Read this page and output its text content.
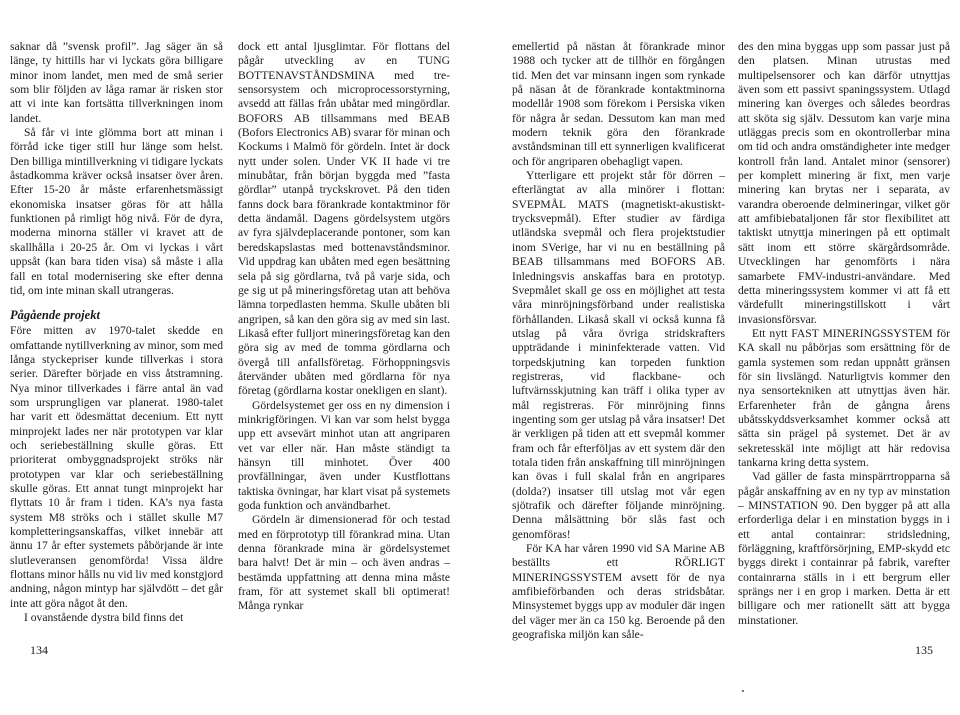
saknar då ”svensk profil”. Jag säger än så länge, ty hittills har vi lyckats göra billigare minor inom landet, men med de små serier som blir följden av låga ramar är risken stor att vi inte kan fortsätta tillverkningen inom landet.

Så får vi inte glömma bort att minan i förråd icke tiger still hur länge som helst. Den billiga mintillverkning vi tidigare lyckats åstadkomma kräver också insatser över åren. Efter 15-20 år måste erfarenhetsmässigt ekonomiska insatser göras för att hålla funktionen på rimligt hög nivå. För de dyra, moderna minorna ställer vi kravet att de skallhålla i 20-25 år. Om vi lyckas i vårt uppsåt (kan bara tiden visa) så måste i alla fall en total modernisering ske efter denna tid, om inte minan skall utrangeras.

Pågående projekt

Före mitten av 1970-talet skedde en omfattande nytillverkning av minor, som med långa styckepriser kunde tillverkas i stora serier. Därefter började en viss åtstramning. Nya minor tillverkades i färre antal än vad som ursprungligen var planerat. 1980-talet har varit ett ödesmättat decenium. Ett nytt minprojekt lades ner när prototypen var klar och seriebeställning skulle göras. Ett prioriterat ombyggnadsprojekt ströks när prototypen var klar och seriebeställning skulle göras. Ett annat tungt minprojekt har flyttats 10 år fram i tiden. KA’s nya fasta system M8 ströks och i stället skulle M7 kompletteringsanskaffas, vilket innebär att ännu 17 år efter systemets påbörjande är inte slutleveransen genomförda! Vissa äldre flottans minor hålls nu vid liv med konstgjord andning, någon mintyp har självdött – det går inte att göra något åt den.

I ovanstående dystra bild finns det

dock ett antal ljusglimtar. För flottans del pågår utveckling av en TUNG BOTTENAVSTÅNDSMINA med tre-sensorsystem och microprocessorstyrning, avsedd att fällas från ubåtar med mingördlar. BOFORS AB tillsammans med BEAB (Bofors Electronics AB) svarar för minan och Kockums i Malmö för gördeln. Intet är dock nytt under solen. Under VK II hade vi tre minubåtar, från början byggda med ”fasta gördlar” utanpå tryckskrovet. På den tiden fanns dock bara förankrade kontaktminor för detta ändamål. Dagens gördelsystem utgörs av fyra självdeplacerande pontoner, som kan beredskapslastas med bottenavståndsminor. Vid uppdrag kan ubåten med egen besättning sela på sig gördlarna, två på varje sida, och ge sig ut på mineringsföretag utan att behöva lämna torpedlasten hemma. Skulle ubåten bli angripen, så kan den göra sig av med sin last. Likaså efter fulljort mineringsföretag kan den göra sig av med de tomma gördlarna och övergå till anfallsföretag. Förhoppningsvis återvänder ubåten med gördlarna för nya företag (gördlarna kostar onekligen en slant).

Gördelsystemet ger oss en ny dimension i minkrigföringen. Vi kan var som helst bygga upp ett avsevärt minhot utan att angriparen vet var eller när. Han måste ständigt ta hänsyn till minhotet. Över 400 provfällningar, även under Kustflottans taktiska övningar, har klart visat på systemets goda funktion och användbarhet.

Gördeln är dimensionerad för och testad med en förprototyp till förankrad mina. Utan denna förankrade mina är gördelsystemet bara halvt! Det är min – och även andras – bestämda uppfattning att denna mina måste fram, för att systemet skall bli optimerat! Många rynkar

134

emellertid på nästan åt förankrade minor 1988 och tycker att de tillhör en förgången tid. Men det var minsann ingen som rynkade på näsan åt de förankrade kontaktminorna modellår 1908 som förekom i Persiska viken för några år sedan. Dessutom kan man med modern teknik göra den förankrade avståndsminan till ett synnerligen kvalificerat och för angriparen obehagligt vapen.

Ytterligare ett projekt står för dörren – efterlängtat av alla minörer i flottan: SVEPMÅL MATS (magnetiskt-akustiskt-trycksvepmål). Efter studier av färdiga utländska svepmål och flera projektstudier inom SVerige, har vi nu en beställning på BEAB tillsammans med BOFORS AB. Inledningsvis anskaffas bara en prototyp. Svepmålet skall ge oss en möjlighet att testa våra minröjningsförband under realistiska förhållanden. Likaså skall vi också kunna få utslag på våra övriga stridskrafters uppträdande i mininfekterade vatten. Vid torpedskjutning kan torpeden funktion registreras, vid flackbane- och luftvärnsskjutning kan träff i olika typer av mål registreras. För minröjning finns ingenting som ger utslag på våra insatser! Det är verkligen på tiden att ett svepmål kommer fram och får efterföljas av ett system där den totala tiden från anskaffning till minröjningen kan övas i full skalal från en angripares (dolda?) insatser till utslag mot vår egen sjötrafik och därefter följande minröjning. Denna målsättning bör slås fast och genomföras!

För KA har våren 1990 vid SA Marine AB beställts ett RÖRLIGT MINERINGSSYSTEM avsett för de nya amfibieförbanden och deras stridsbåtar. Minsystemet byggs upp av moduler där ingen del väger mer än ca 150 kg. Beroende på den geografiska miljön kan såle-

des den mina byggas upp som passar just på den platsen. Minan utrustas med multipelsensorer och kan därför utnyttjas även som ett passivt spaningssystem. Utlagd minering kan överges och således beordras att sköta sig själv. Dessutom kan varje mina utläggas precis som en okontrollerbar mina om tid och andra omständigheter inte medger kontroll från land. Antalet minor (sensorer) per komplett minering är fixt, men varje minering kan brytas ner i separata, av varandra oberoende delmineringar, vilket gör att amfibiebataljonen får stor flexibilitet att taktiskt utnyttja mineringen på ett optimalt sätt inom ett större skärgårdsområde. Utvecklingen har genomförts i nära samarbete FMV-industri-användare. Med detta mineringssystem kommer vi att få ett värdefullt mineringstillskott i vårt invasionsförsvar.

Ett nytt FAST MINERINGSSYSTEM för KA skall nu påbörjas som ersättning för de gamla systemen som redan uppnått gränsen för sin livslängd. Naturligtvis kommer den nya sensortekniken att utnyttjas även här. Erfarenheter från de gångna årens ubåtsskyddsverksamhet kommer också att sätta sin prägel på systemet. Det är av sekretesskäl inte möjligt att här redovisa tankarna kring detta system.

Vad gäller de fasta minspärrtropparna så pågår anskaffning av en ny typ av minstation – MINSTATION 90. Den bygger på att alla erforderliga delar i en minstation byggs in i ett antal containrar: stridsledning, förläggning, kraftförsörjning, EMP-skydd etc byggs direkt i containrar på fabrik, varefter containrarna ställs in i ett bergrum eller sprängs ner i en grop i marken. Detta är ett billigare och mer rationellt sätt att bygga minstationer.

135
